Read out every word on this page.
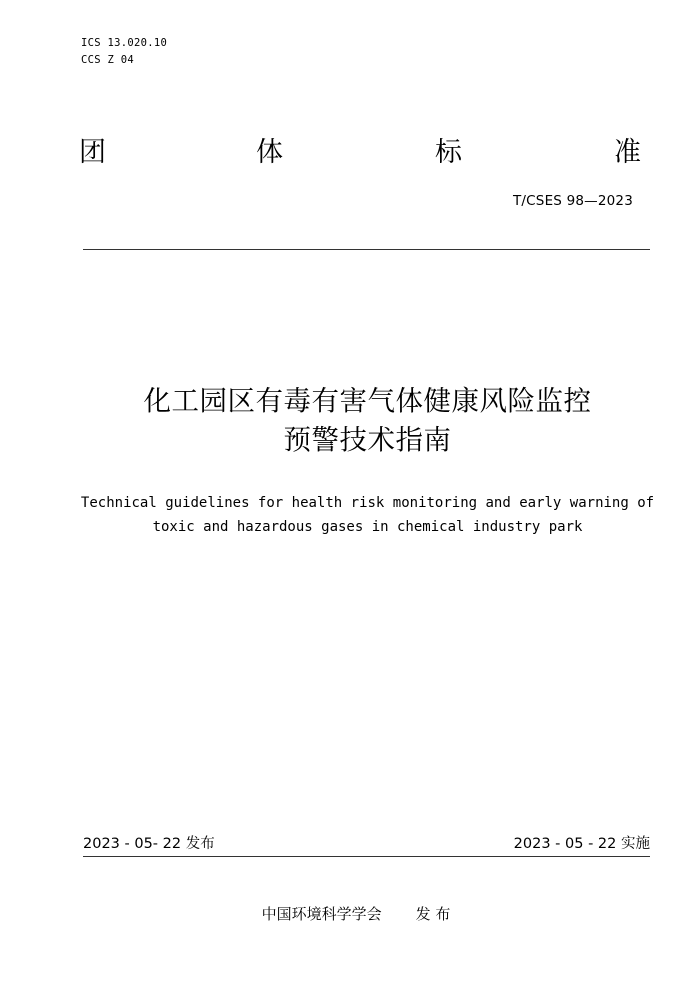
ICS 13.020.10
CCS Z 04
团	体	标	准
T/CSES 98—2023
化工园区有毒有害气体健康风险监控
预警技术指南
Technical guidelines for health risk monitoring and early warning of
toxic and hazardous gases in chemical industry park
2023 - 05- 22 发布	2023 - 05 - 22 实施
中国环境科学学会 发 布
